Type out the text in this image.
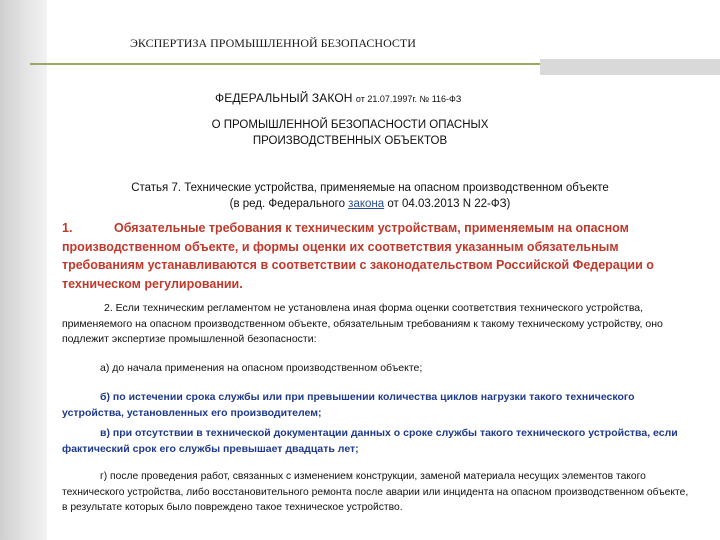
ЭКСПЕРТИЗА ПРОМЫШЛЕННОЙ БЕЗОПАСНОСТИ
ФЕДЕРАЛЬНЫЙ ЗАКОН от 21.07.1997г. № 116-ФЗ
О ПРОМЫШЛЕННОЙ БЕЗОПАСНОСТИ ОПАСНЫХ
ПРОИЗВОДСТВЕННЫХ ОБЪЕКТОВ
Статья 7. Технические устройства, применяемые на опасном производственном объекте
(в ред. Федерального закона от 04.03.2013 N 22-ФЗ)
1.	Обязательные требования к техническим устройствам, применяемым на опасном производственном объекте, и формы оценки их соответствия указанным обязательным требованиям устанавливаются в соответствии с законодательством Российской Федерации о техническом регулировании.
2. Если техническим регламентом не установлена иная форма оценки соответствия технического устройства, применяемого на опасном производственном объекте, обязательным требованиям к такому техническому устройству, оно подлежит экспертизе промышленной безопасности:
а) до начала применения на опасном производственном объекте;
б) по истечении срока службы или при превышении количества циклов нагрузки такого технического устройства, установленных его производителем;
в) при отсутствии в технической документации данных о сроке службы такого технического устройства, если фактический срок его службы превышает двадцать лет;
г) после проведения работ, связанных с изменением конструкции, заменой материала несущих элементов такого технического устройства, либо восстановительного ремонта после аварии или инцидента на опасном производственном объекте, в результате которых было повреждено такое техническое устройство.
